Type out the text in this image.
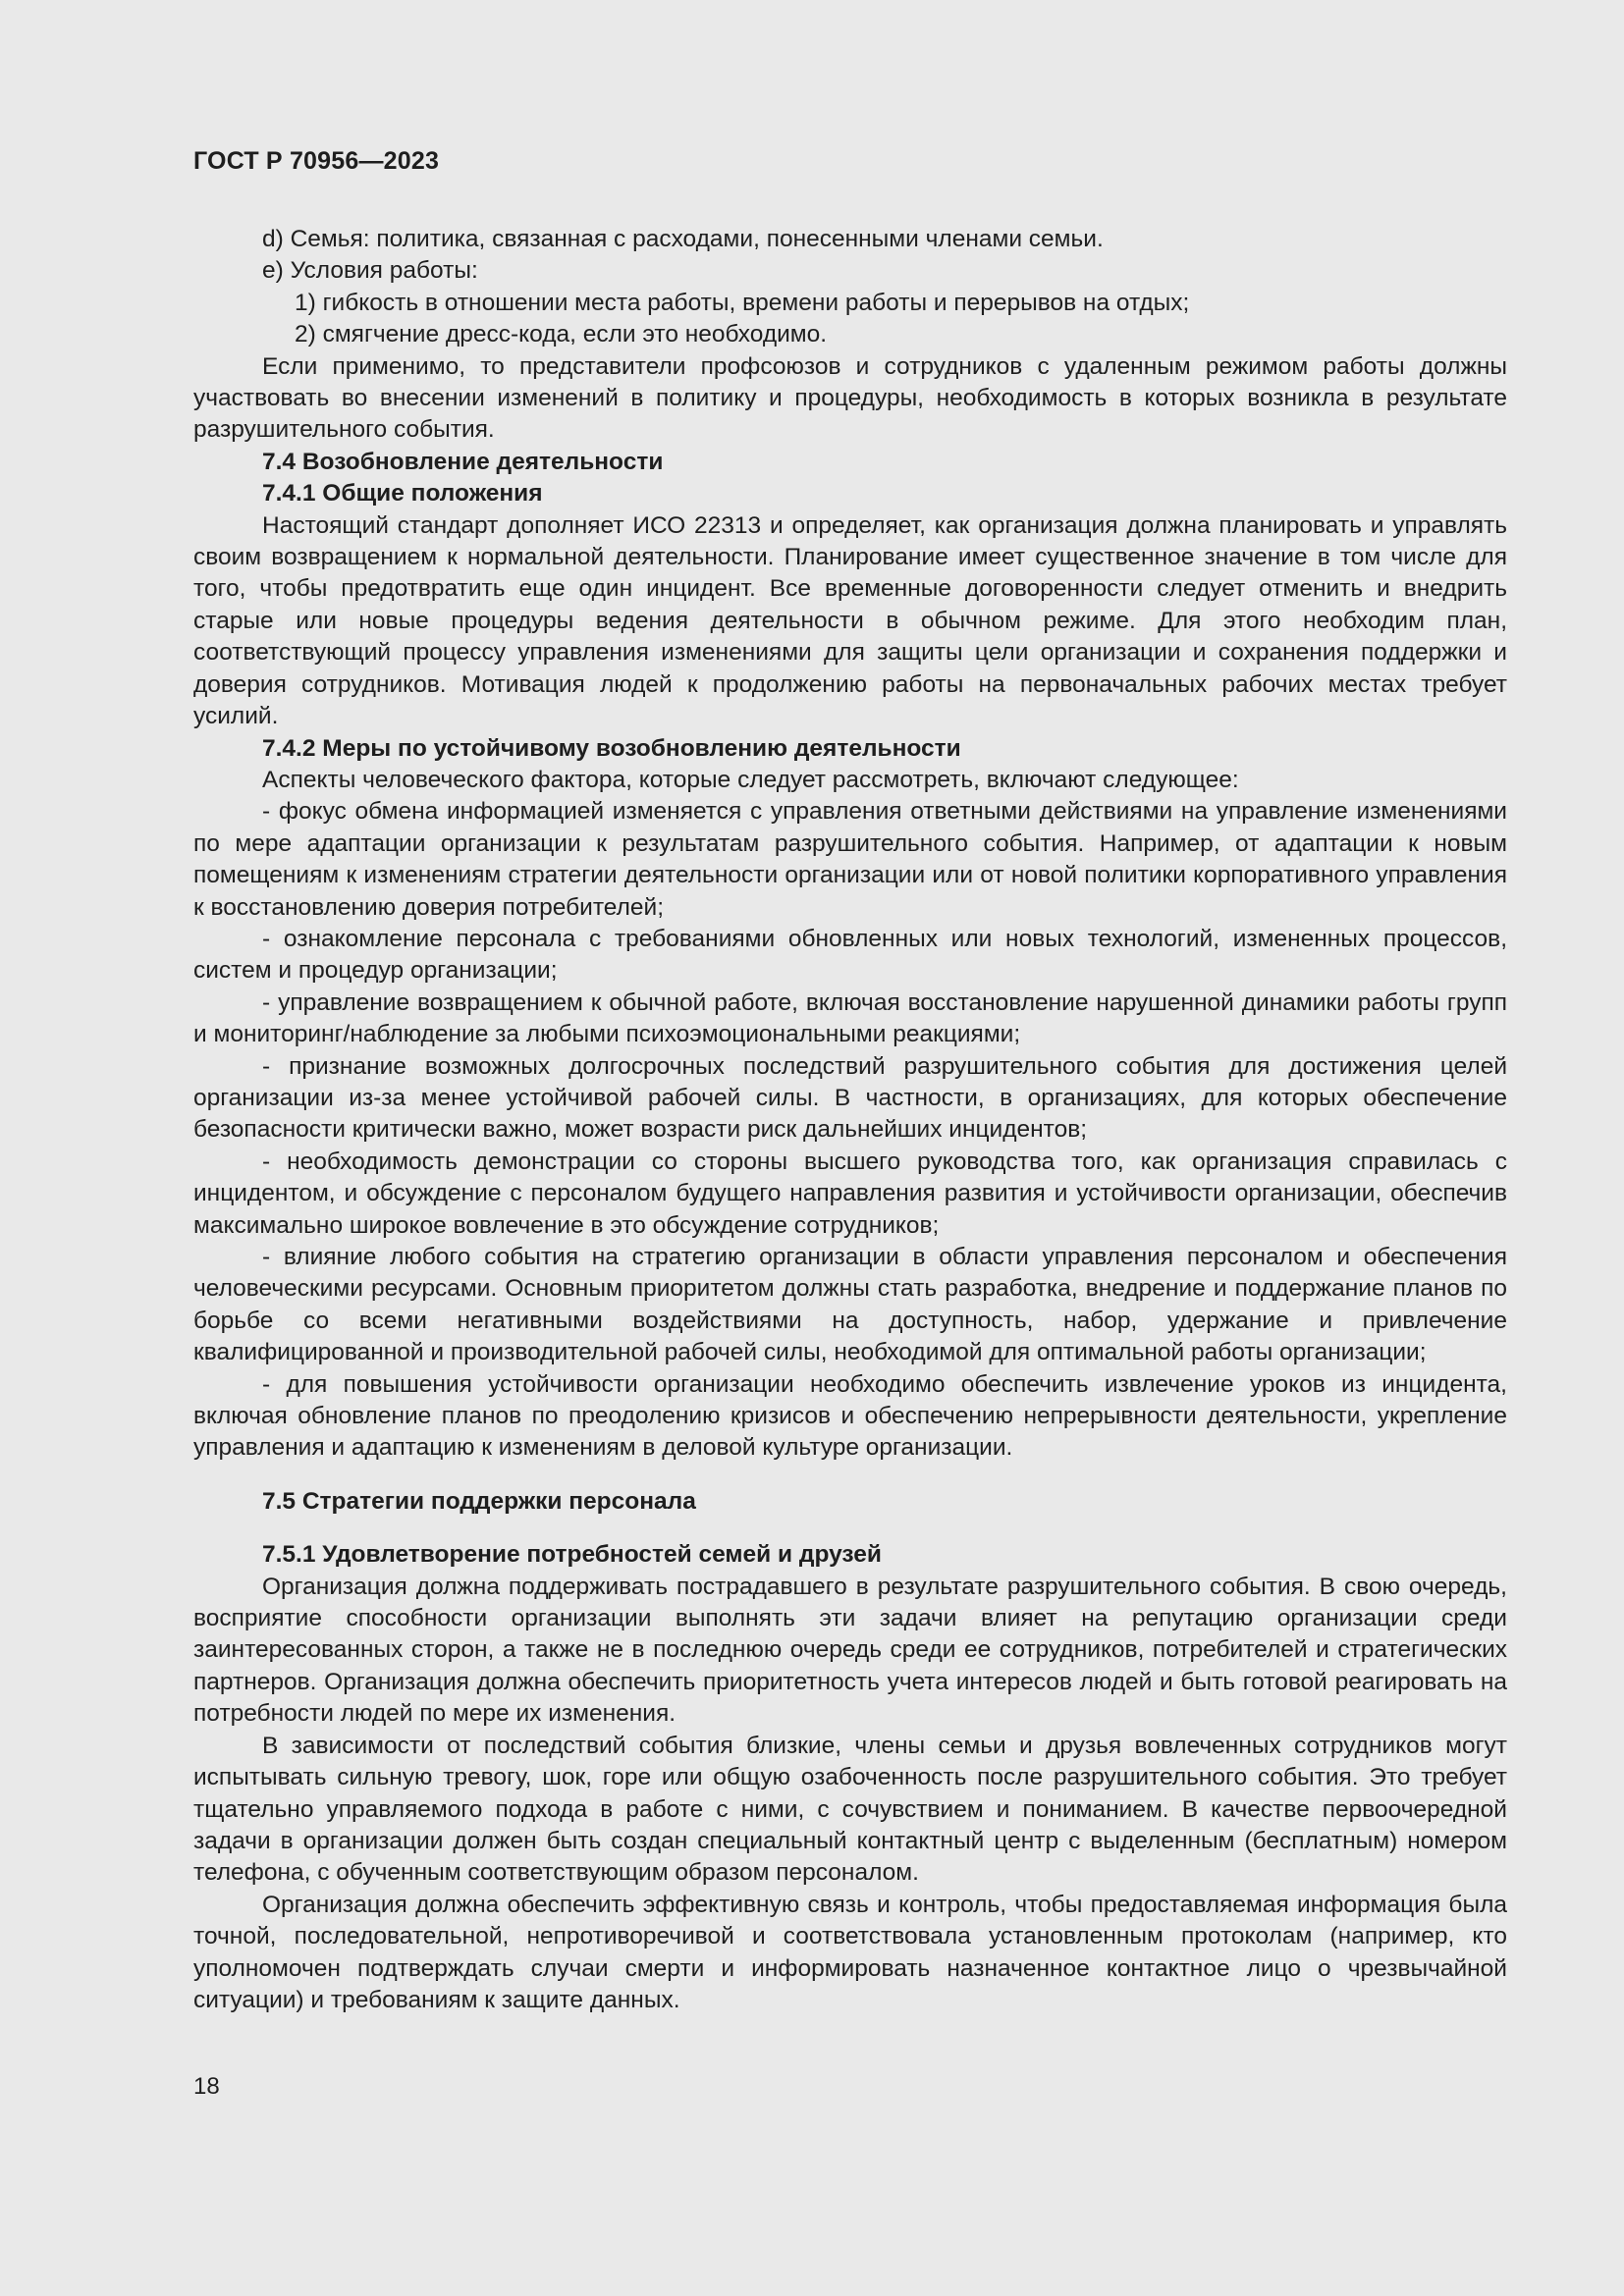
ГОСТ Р 70956—2023

d) Семья: политика, связанная с расходами, понесенными членами семьи.

e) Условия работы:

1) гибкость в отношении места работы, времени работы и перерывов на отдых;

2) смягчение дресс-кода, если это необходимо.

Если применимо, то представители профсоюзов и сотрудников с удаленным режимом работы должны участвовать во внесении изменений в политику и процедуры, необходимость в которых возникла в результате разрушительного события.

7.4 Возобновление деятельности
7.4.1 Общие положения

Настоящий стандарт дополняет ИСО 22313 и определяет, как организация должна планировать и управлять своим возвращением к нормальной деятельности. Планирование имеет существенное значение в том числе для того, чтобы предотвратить еще один инцидент. Все временные договоренности следует отменить и внедрить старые или новые процедуры ведения деятельности в обычном режиме. Для этого необходим план, соответствующий процессу управления изменениями для защиты цели организации и сохранения поддержки и доверия сотрудников. Мотивация людей к продолжению работы на первоначальных рабочих местах требует усилий.

7.4.2 Меры по устойчивому возобновлению деятельности

Аспекты человеческого фактора, которые следует рассмотреть, включают следующее:

- фокус обмена информацией изменяется с управления ответными действиями на управление изменениями по мере адаптации организации к результатам разрушительного события. Например, от адаптации к новым помещениям к изменениям стратегии деятельности организации или от новой политики корпоративного управления к восстановлению доверия потребителей;

- ознакомление персонала с требованиями обновленных или новых технологий, измененных процессов, систем и процедур организации;

- управление возвращением к обычной работе, включая восстановление нарушенной динамики работы групп и мониторинг/наблюдение за любыми психоэмоциональными реакциями;

- признание возможных долгосрочных последствий разрушительного события для достижения целей организации из-за менее устойчивой рабочей силы. В частности, в организациях, для которых обеспечение безопасности критически важно, может возрасти риск дальнейших инцидентов;

- необходимость демонстрации со стороны высшего руководства того, как организация справилась с инцидентом, и обсуждение с персоналом будущего направления развития и устойчивости организации, обеспечив максимально широкое вовлечение в это обсуждение сотрудников;

- влияние любого события на стратегию организации в области управления персоналом и обеспечения человеческими ресурсами. Основным приоритетом должны стать разработка, внедрение и поддержание планов по борьбе со всеми негативными воздействиями на доступность, набор, удержание и привлечение квалифицированной и производительной рабочей силы, необходимой для оптимальной работы организации;

- для повышения устойчивости организации необходимо обеспечить извлечение уроков из инцидента, включая обновление планов по преодолению кризисов и обеспечению непрерывности деятельности, укрепление управления и адаптацию к изменениям в деловой культуре организации.

7.5 Стратегии поддержки персонала
7.5.1 Удовлетворение потребностей семей и друзей

Организация должна поддерживать пострадавшего в результате разрушительного события. В свою очередь, восприятие способности организации выполнять эти задачи влияет на репутацию организации среди заинтересованных сторон, а также не в последнюю очередь среди ее сотрудников, потребителей и стратегических партнеров. Организация должна обеспечить приоритетность учета интересов людей и быть готовой реагировать на потребности людей по мере их изменения.

В зависимости от последствий события близкие, члены семьи и друзья вовлеченных сотрудников могут испытывать сильную тревогу, шок, горе или общую озабоченность после разрушительного события. Это требует тщательно управляемого подхода в работе с ними, с сочувствием и пониманием. В качестве первоочередной задачи в организации должен быть создан специальный контактный центр с выделенным (бесплатным) номером телефона, с обученным соответствующим образом персоналом.

Организация должна обеспечить эффективную связь и контроль, чтобы предоставляемая информация была точной, последовательной, непротиворечивой и соответствовала установленным протоколам (например, кто уполномочен подтверждать случаи смерти и информировать назначенное контактное лицо о чрезвычайной ситуации) и требованиям к защите данных.

18
